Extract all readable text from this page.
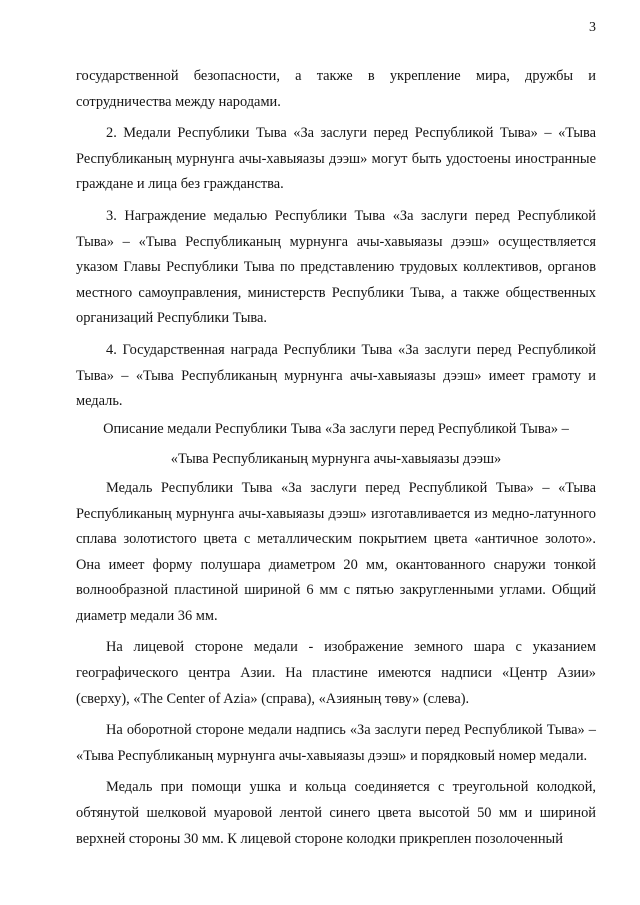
3

государственной безопасности, а также в укрепление мира, дружбы и сотрудничества между народами.

2. Медали Республики Тыва «За заслуги перед Республикой Тыва» – «Тыва Республиканың мурнунга ачы-хавыяазы дээш» могут быть удостоены иностранные граждане и лица без гражданства.

3. Награждение медалью Республики Тыва «За заслуги перед Республикой Тыва» – «Тыва Республиканың мурнунга ачы-хавыяазы дээш» осуществляется указом Главы Республики Тыва по представлению трудовых коллективов, органов местного самоуправления, министерств Республики Тыва, а также общественных организаций Республики Тыва.

4. Государственная награда Республики Тыва «За заслуги перед Республикой Тыва» – «Тыва Республиканың мурнунга ачы-хавыяазы дээш» имеет грамоту и медаль.

Описание медали Республики Тыва «За заслуги перед Республикой Тыва» –

«Тыва Республиканың мурнунга ачы-хавыяазы дээш»

Медаль Республики Тыва «За заслуги перед Республикой Тыва» – «Тыва Республиканың мурнунга ачы-хавыяазы дээш» изготавливается из медно-латунного сплава золотистого цвета с металлическим покрытием цвета «античное золото». Она имеет форму полушара диаметром 20 мм, окантованного снаружи тонкой волнообразной пластиной шириной 6 мм с пятью закругленными углами. Общий диаметр медали 36 мм.

На лицевой стороне медали - изображение земного шара с указанием географического центра Азии. На пластине имеются надписи «Центр Азии» (сверху), «The Center of Azia» (справа), «Азияның төву» (слева).

На оборотной стороне медали надпись «За заслуги перед Республикой Тыва» – «Тыва Республиканың мурнунга ачы-хавыяазы дээш» и порядковый номер медали.

Медаль при помощи ушка и кольца соединяется с треугольной колодкой, обтянутой шелковой муаровой лентой синего цвета высотой 50 мм и шириной верхней стороны 30 мм. К лицевой стороне колодки прикреплен позолоченный
